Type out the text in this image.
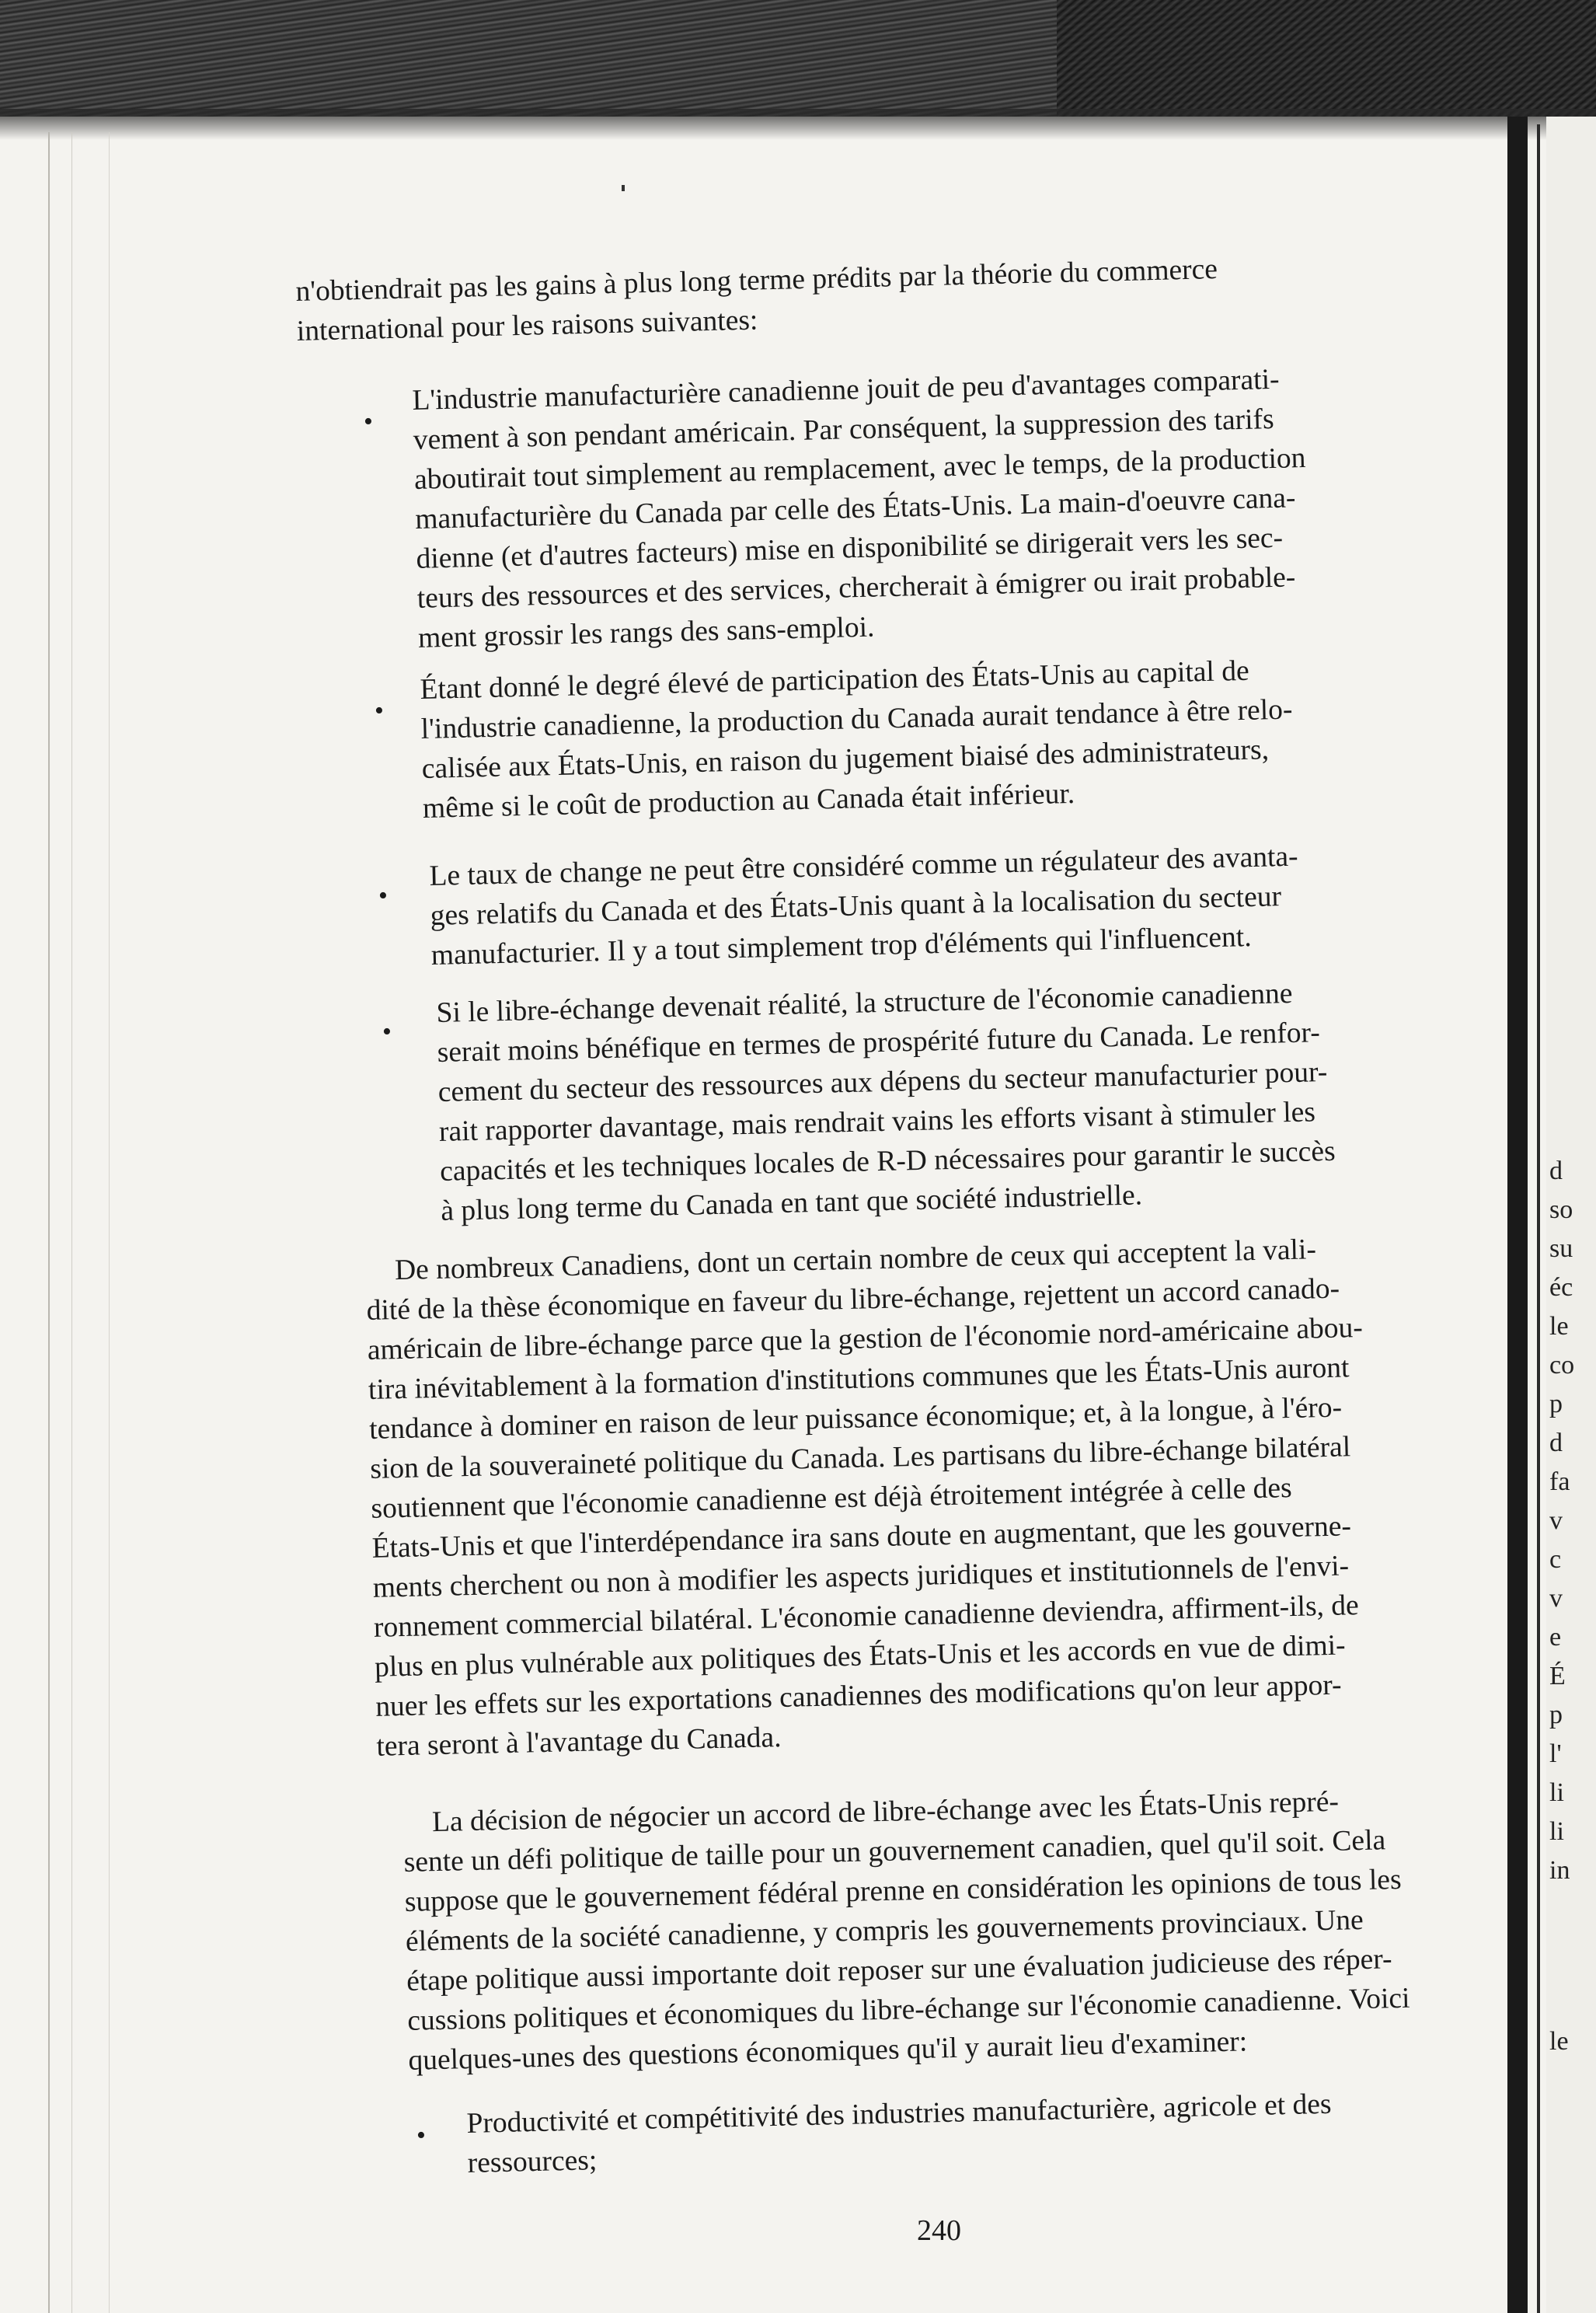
d
so
su
éc
le
co
p
d
fa
v
c
v
e
É
p
l'
li
li
in
le
n'obtiendrait pas les gains à plus long terme prédits par la théorie du commerce
international pour les raisons suivantes:
•
L'industrie manufacturière canadienne jouit de peu d'avantages comparati-
vement à son pendant américain. Par conséquent, la suppression des tarifs
aboutirait tout simplement au remplacement, avec le temps, de la production
manufacturière du Canada par celle des États-Unis. La main-d'oeuvre cana-
dienne (et d'autres facteurs) mise en disponibilité se dirigerait vers les sec-
teurs des ressources et des services, chercherait à émigrer ou irait probable-
ment grossir les rangs des sans-emploi.
•
Étant donné le degré élevé de participation des États-Unis au capital de
l'industrie canadienne, la production du Canada aurait tendance à être relo-
calisée aux États-Unis, en raison du jugement biaisé des administrateurs,
même si le coût de production au Canada était inférieur.
•
Le taux de change ne peut être considéré comme un régulateur des avanta-
ges relatifs du Canada et des États-Unis quant à la localisation du secteur
manufacturier. Il y a tout simplement trop d'éléments qui l'influencent.
•
Si le libre-échange devenait réalité, la structure de l'économie canadienne
serait moins bénéfique en termes de prospérité future du Canada. Le renfor-
cement du secteur des ressources aux dépens du secteur manufacturier pour-
rait rapporter davantage, mais rendrait vains les efforts visant à stimuler les
capacités et les techniques locales de R-D nécessaires pour garantir le succès
à plus long terme du Canada en tant que société industrielle.
De nombreux Canadiens, dont un certain nombre de ceux qui acceptent la vali-
dité de la thèse économique en faveur du libre-échange, rejettent un accord canado-
américain de libre-échange parce que la gestion de l'économie nord-américaine abou-
tira inévitablement à la formation d'institutions communes que les États-Unis auront
tendance à dominer en raison de leur puissance économique; et, à la longue, à l'éro-
sion de la souveraineté politique du Canada. Les partisans du libre-échange bilatéral
soutiennent que l'économie canadienne est déjà étroitement intégrée à celle des
États-Unis et que l'interdépendance ira sans doute en augmentant, que les gouverne-
ments cherchent ou non à modifier les aspects juridiques et institutionnels de l'envi-
ronnement commercial bilatéral. L'économie canadienne deviendra, affirment-ils, de
plus en plus vulnérable aux politiques des États-Unis et les accords en vue de dimi-
nuer les effets sur les exportations canadiennes des modifications qu'on leur appor-
tera seront à l'avantage du Canada.
La décision de négocier un accord de libre-échange avec les États-Unis repré-
sente un défi politique de taille pour un gouvernement canadien, quel qu'il soit. Cela
suppose que le gouvernement fédéral prenne en considération les opinions de tous les
éléments de la société canadienne, y compris les gouvernements provinciaux. Une
étape politique aussi importante doit reposer sur une évaluation judicieuse des réper-
cussions politiques et économiques du libre-échange sur l'économie canadienne. Voici
quelques-unes des questions économiques qu'il y aurait lieu d'examiner:
• Productivité et compétitivité des industries manufacturière, agricole et des
ressources;
240
